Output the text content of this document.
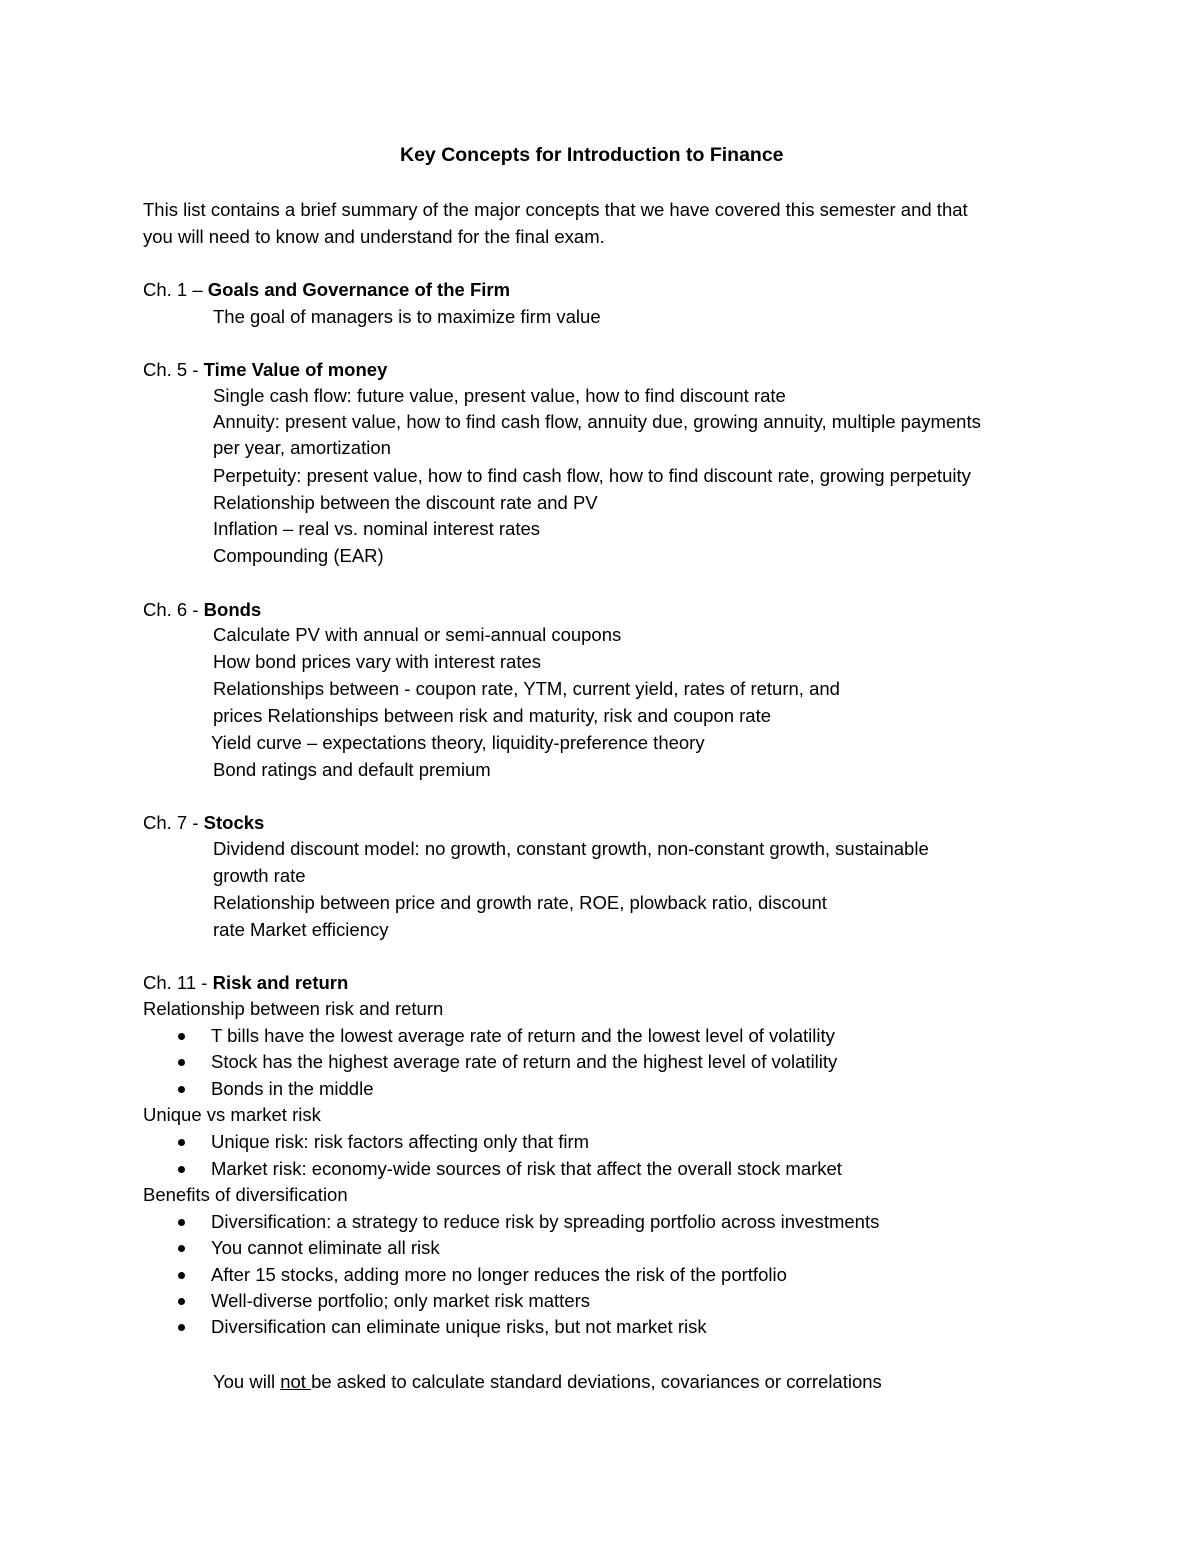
Key Concepts for Introduction to Finance
This list contains a brief summary of the major concepts that we have covered this semester and that
you will need to know and understand for the final exam.
Ch. 1 – Goals and Governance of the Firm
The goal of managers is to maximize firm value
Ch. 5 - Time Value of money
Single cash flow: future value, present value, how to find discount rate
Annuity: present value, how to find cash flow, annuity due, growing annuity, multiple payments
per year, amortization
Perpetuity: present value, how to find cash flow, how to find discount rate, growing perpetuity
Relationship between the discount rate and PV
Inflation – real vs. nominal interest rates
Compounding (EAR)
Ch. 6 - Bonds
Calculate PV with annual or semi-annual coupons
How bond prices vary with interest rates
Relationships between - coupon rate, YTM, current yield, rates of return, and
prices Relationships between risk and maturity, risk and coupon rate
Yield curve – expectations theory, liquidity-preference theory
Bond ratings and default premium
Ch. 7 - Stocks
Dividend discount model: no growth, constant growth, non-constant growth, sustainable
growth rate
Relationship between price and growth rate, ROE, plowback ratio, discount
rate Market efficiency
Ch. 11 - Risk and return
Relationship between risk and return
T bills have the lowest average rate of return and the lowest level of volatility
Stock has the highest average rate of return and the highest level of volatility
Bonds in the middle
Unique vs market risk
Unique risk: risk factors affecting only that firm
Market risk: economy-wide sources of risk that affect the overall stock market
Benefits of diversification
Diversification: a strategy to reduce risk by spreading portfolio across investments
You cannot eliminate all risk
After 15 stocks, adding more no longer reduces the risk of the portfolio
Well-diverse portfolio; only market risk matters
Diversification can eliminate unique risks, but not market risk
You will not be asked to calculate standard deviations, covariances or correlations
